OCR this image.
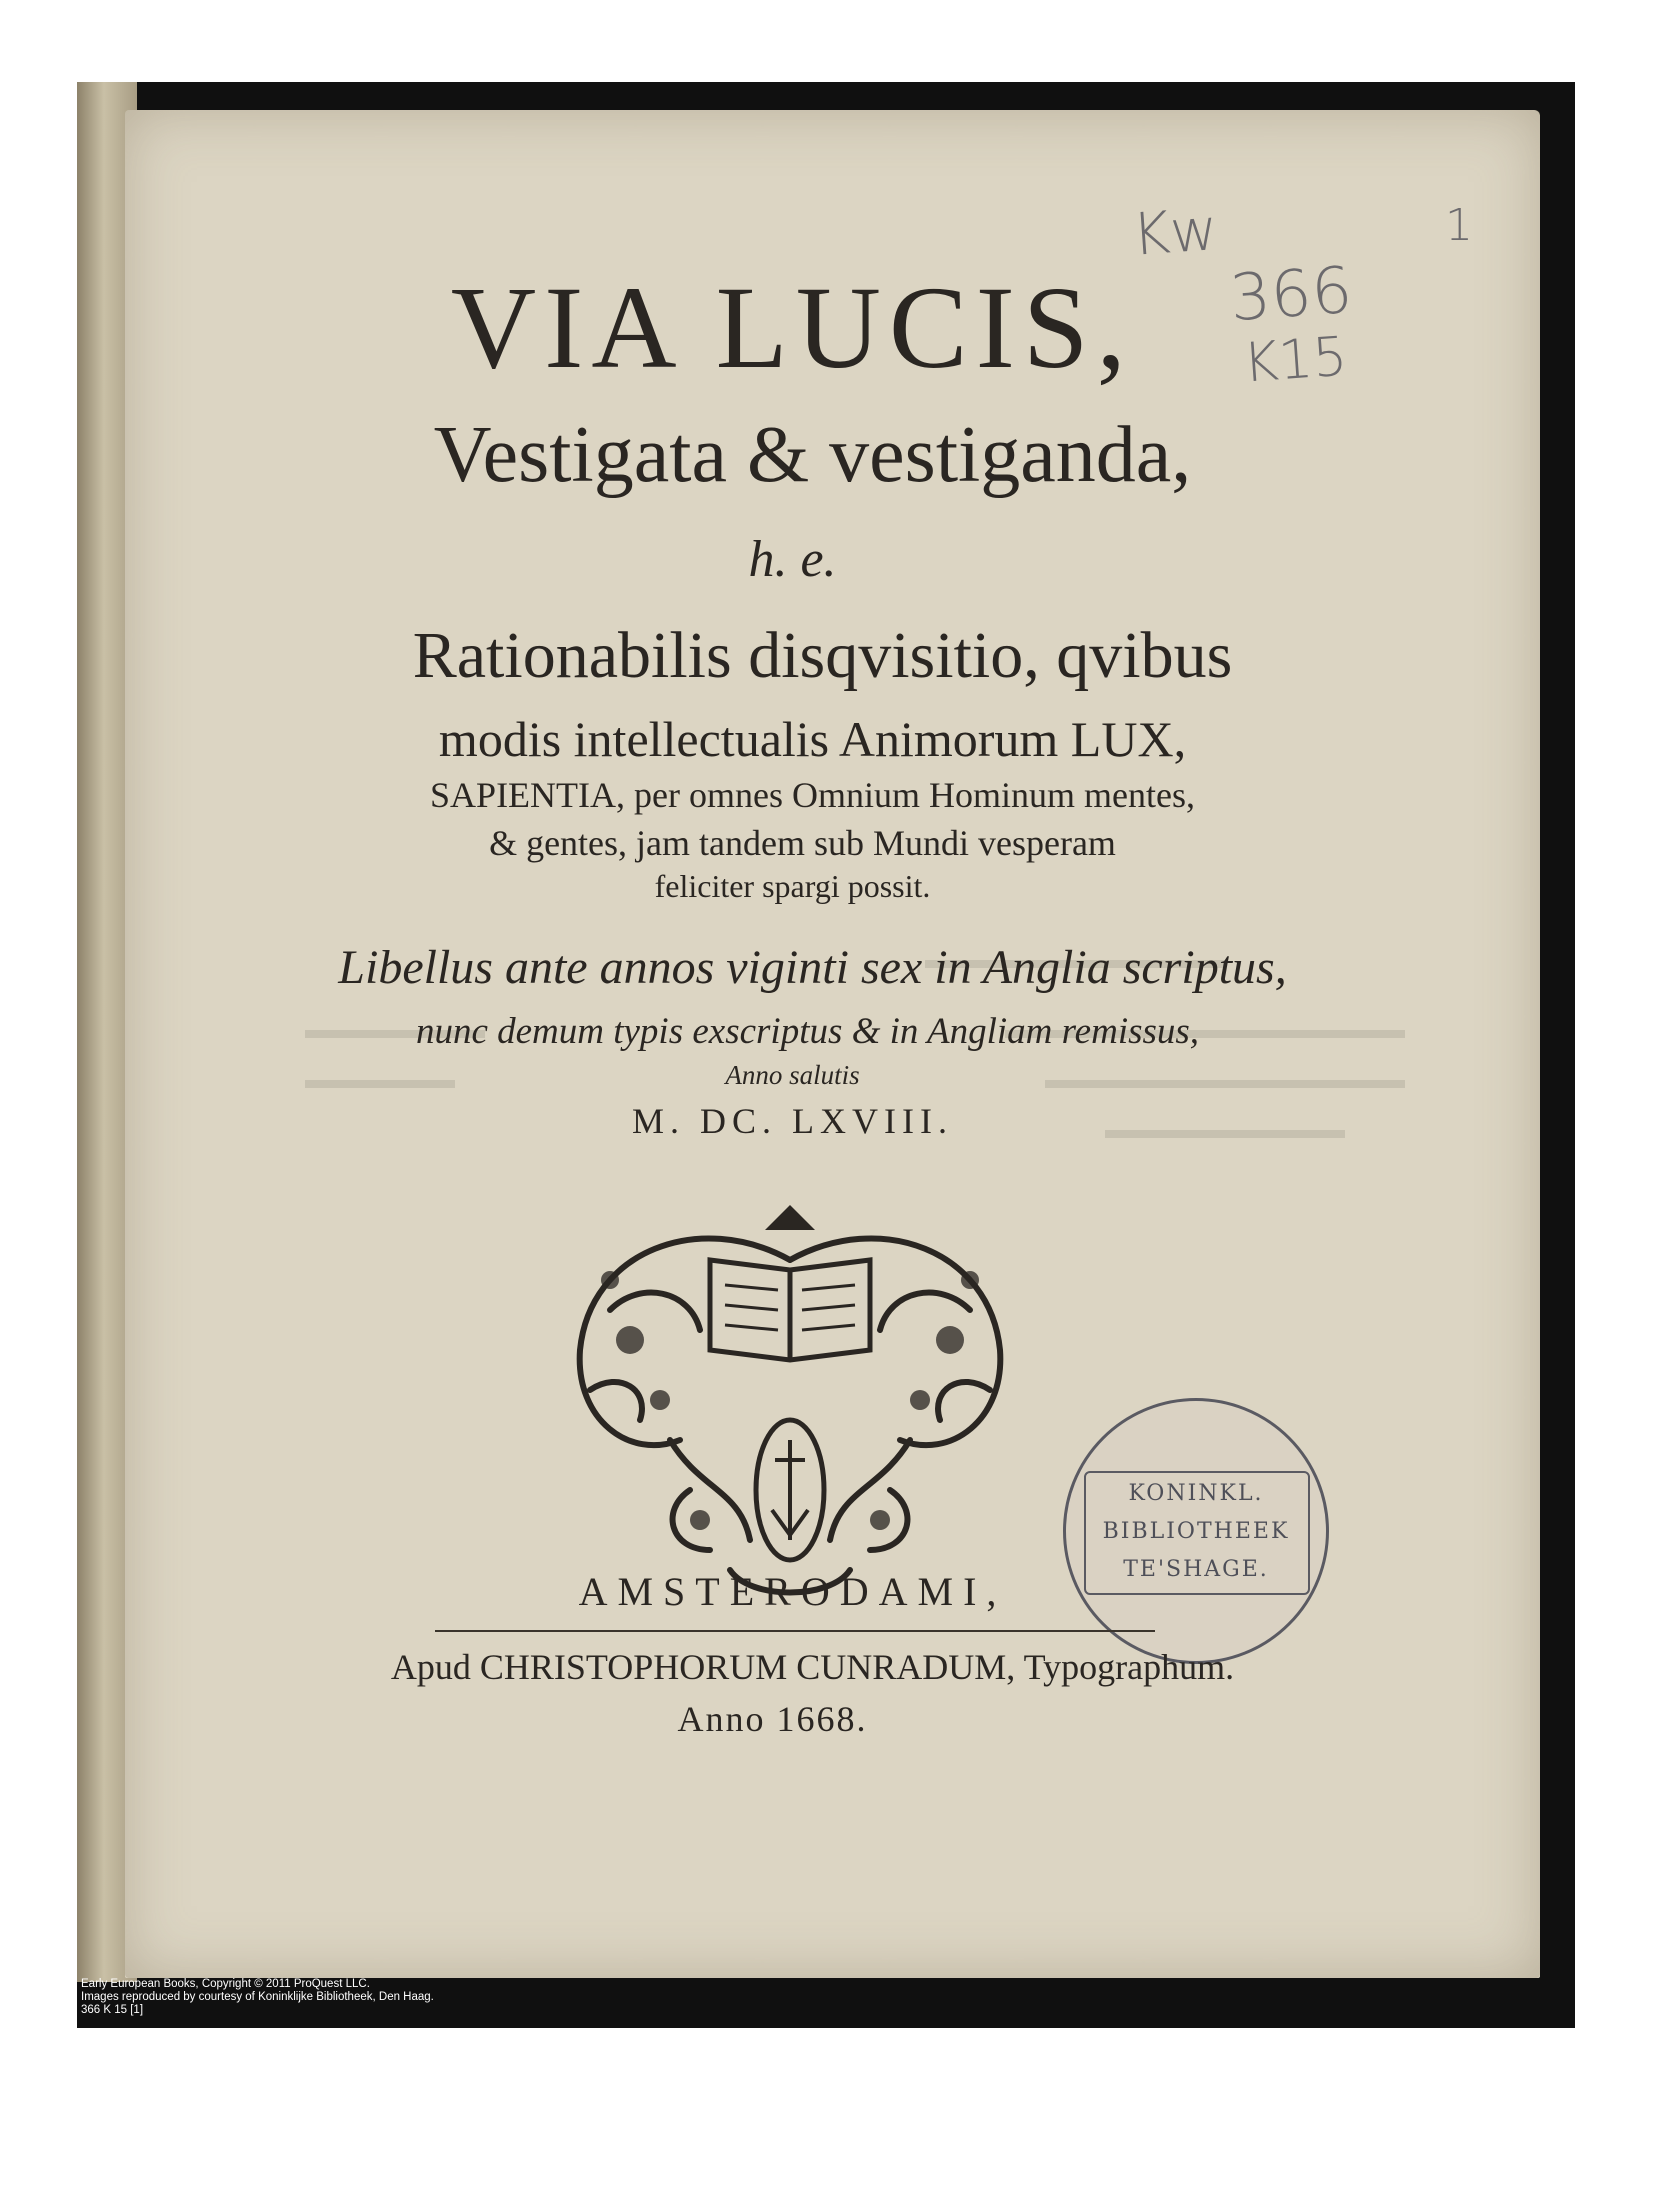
Kw
366
K15
1
VIA LUCIS,
Vestigata & vestiganda,
h. e.
Rationabilis disqvisitio, qvibus
modis intellectualis Animorum LUX,
SAPIENTIA, per omnes Omnium Hominum mentes,
& gentes, jam tandem sub Mundi vesperam
feliciter spargi possit.
Libellus ante annos viginti sex in Anglia scriptus,
nunc demum typis exscriptus & in Angliam remissus,
Anno salutis
M. DC. LXVIII.
KONINKL.
BIBLIOTHEEK
TE'SHAGE.
AMSTERODAMI,
Apud CHRISTOPHORUM CUNRADUM, Typographum.
Anno 1668.
Early European Books, Copyright © 2011 ProQuest LLC.
Images reproduced by courtesy of Koninklijke Bibliotheek, Den Haag.
366 K 15 [1]
